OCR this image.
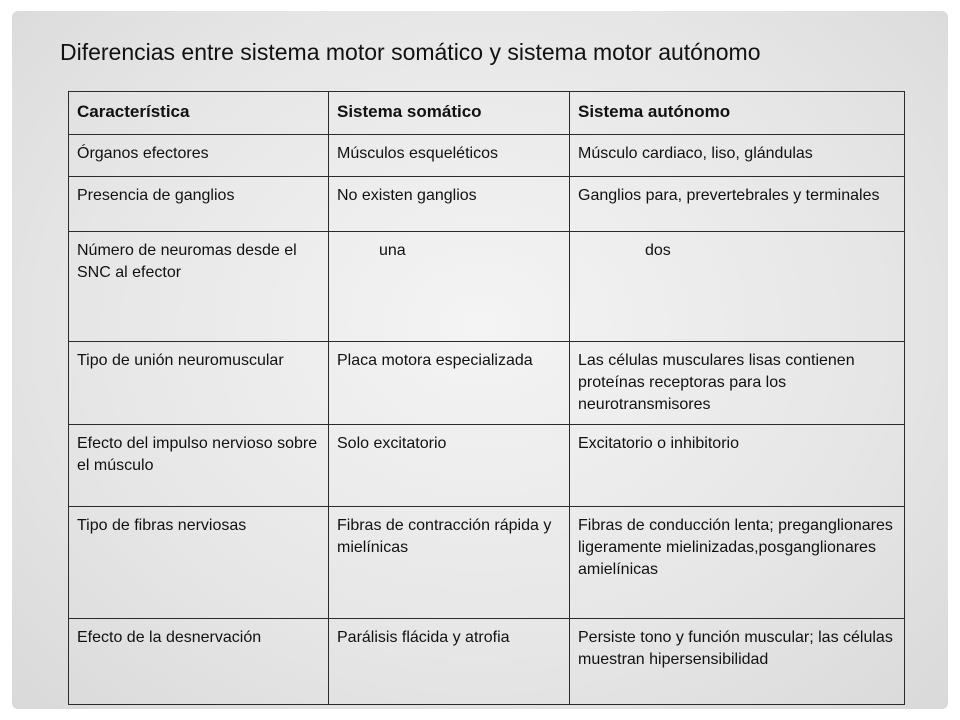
Diferencias entre sistema motor somático y sistema motor autónomo
Característica	Sistema somático	Sistema autónomo
Órganos efectores	Músculos esqueléticos	Músculo cardiaco, liso, glándulas
Presencia de ganglios	No existen ganglios	Ganglios para, prevertebrales y terminales
Número de neuromas desde el SNC al efector	una	dos
Tipo de unión neuromuscular	Placa motora especializada	Las células musculares lisas contienen proteínas receptoras para los neurotransmisores
Efecto del impulso nervioso sobre el músculo	Solo excitatorio	Excitatorio o inhibitorio
Tipo de fibras nerviosas	Fibras de contracción rápida y mielínicas	Fibras de conducción lenta; preganglionares ligeramente mielinizadas,posganglionares amielínicas
Efecto de la desnervación	Parálisis flácida y atrofia	Persiste tono y función muscular; las células muestran hipersensibilidad
